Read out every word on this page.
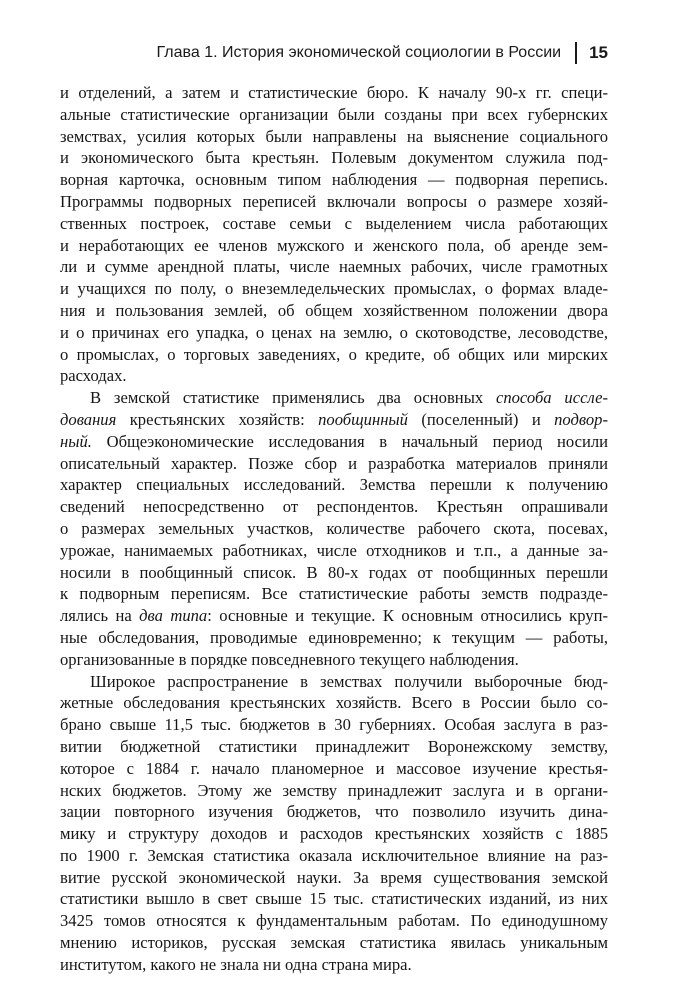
Глава 1. История экономической социологии в России 15
и отделений, а затем и статистические бюро. К началу 90-х гг. специ-
альные статистические организации были созданы при всех губернских
земствах, усилия которых были направлены на выяснение социального
и экономического быта крестьян. Полевым документом служила под-
ворная карточка, основным типом наблюдения — подворная перепись.
Программы подворных переписей включали вопросы о размере хозяй-
ственных построек, составе семьи с выделением числа работающих
и неработающих ее членов мужского и женского пола, об аренде зем-
ли и сумме арендной платы, числе наемных рабочих, числе грамотных
и учащихся по полу, о внеземледельческих промыслах, о формах владе-
ния и пользования землей, об общем хозяйственном положении двора
и о причинах его упадка, о ценах на землю, о скотоводстве, лесоводстве,
о промыслах, о торговых заведениях, о кредите, об общих или мирских
расходах.
В земской статистике применялись два основных способа иссле-
дования крестьянских хозяйств: пообщинный (поселенный) и подвор-
ный. Общеэкономические исследования в начальный период носили
описательный характер. Позже сбор и разработка материалов приняли
характер специальных исследований. Земства перешли к получению
сведений непосредственно от респондентов. Крестьян опрашивали
о размерах земельных участков, количестве рабочего скота, посевах,
урожае, нанимаемых работниках, числе отходников и т.п., а данные за-
носили в пообщинный список. В 80-х годах от пообщинных перешли
к подворным переписям. Все статистические работы земств подразде-
лялись на два типа: основные и текущие. К основным относились круп-
ные обследования, проводимые единовременно; к текущим — работы,
организованные в порядке повседневного текущего наблюдения.
Широкое распространение в земствах получили выборочные бюд-
жетные обследования крестьянских хозяйств. Всего в России было со-
брано свыше 11,5 тыс. бюджетов в 30 губерниях. Особая заслуга в раз-
витии бюджетной статистики принадлежит Воронежскому земству,
которое с 1884 г. начало планомерное и массовое изучение крестья-
нских бюджетов. Этому же земству принадлежит заслуга и в органи-
зации повторного изучения бюджетов, что позволило изучить дина-
мику и структуру доходов и расходов крестьянских хозяйств с 1885
по 1900 г. Земская статистика оказала исключительное влияние на раз-
витие русской экономической науки. За время существования земской
статистики вышло в свет свыше 15 тыс. статистических изданий, из них
3425 томов относятся к фундаментальным работам. По единодушному
мнению историков, русская земская статистика явилась уникальным
институтом, какого не знала ни одна страна мира.
